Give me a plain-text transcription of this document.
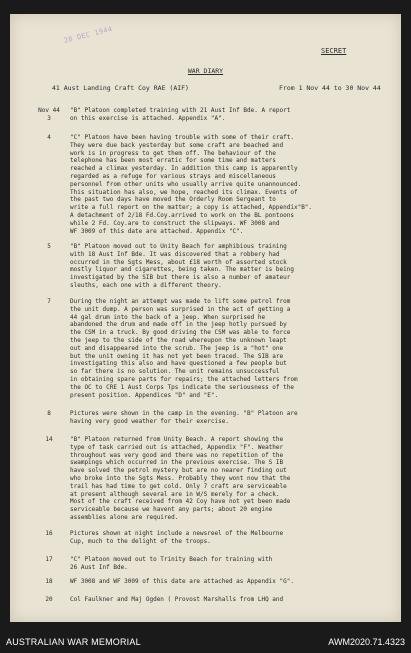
28 DEC 1944
SECRET
WAR DIARY
41 Aust Landing Craft Coy RAE (AIF)	From 1 Nov 44 to 30 Nov 44
Nov 44
3
"B" Platoon completed training with 21 Aust Inf Bde. A report
on this exercise is attached. Appendix "A".
4	"C" Platoon have been having trouble with some of their craft.
They were due back yesterday but some craft are beached and
work is in progress to get them off. The behaviour of the
telephone has been most erratic for some time and matters
reached a climax yesterday. In addition this camp is apparently
regarded as a refuge for various strays and miscellaneous
personnel from other units who usually arrive quite unannounced.
This situation has also, we hope, reached its climax. Events of
the past two days have moved the Orderly Room Sergeant to
write a full report on the matter; a copy is attached, Appendix"B".
A detachment of 2/18 Fd.Coy.arrived to work on the BL pontoons
while 2 Fd. Coy.are to construct the slipways. WF 3008 and
WF 3009 of this date are attached. Appendix "C".
5	"B" Platoon moved out to Unity Beach for amphibious training
with 18 Aust Inf Bde. It was discovered that a robbery had
occurred in the Sgts Mess, about £18 worth of assorted stock
mostly liquor and cigarettes, being taken. The matter is being
investigated by the SIB but there is also a number of amateur
sleuths, each one with a different theory.
7	During the night an attempt was made to lift some petrol from
the unit dump. A person was surprised in the act of getting a
44 gal drum into the back of a jeep. When surprised he
abandoned the drum and made off in the jeep hotly pursued by
the CSM in a truck. By good driving the CSM was able to force
the jeep to the side of the road whereupon the unknown leapt
out and disappeared into the scrub. The jeep is a "hot" one
but the unit owning it has not yet been traced. The SIB are
investigating this also and have questioned a few people but
so far there is no solution. The unit remains unsuccessful
in obtaining spare parts for repairs; the attached letters from
the OC to CRE 1 Aust Corps Tps indicate the seriousness of the
present position. Appendices "D" and "E".
8	Pictures were shown in the camp in the evening. "B" Platoon are
having very good weather for their exercise.
14	"B" Platoon returned from Unity Beach. A report showing the
type of task carried out is attached, Appendix "F". Weather
throughout was very good and there was no repetition of the
swampings which occurred in the previous exercise. The S IB
have solved the petrol mystery but are no nearer finding out
who broke into the Sgts Mess. Probably they wont now that the
trail has had time to get cold. Only 7 craft are serviceable
at present although several are in W/S merely for a check.
Most of the craft received from 42 Coy have not yet been made
serviceable because we havent any parts; about 20 engine
assemblies alone are required.
16	Pictures shown at night include a newsreel of the Melbourne
Cup, much to the delight of the troops.
17	"C" Platoon moved out to Trinity Beach for training with
26 Aust Inf Bde.
18	WF 3008 and WF 3009 of this date are attached as Appendix "G".
20	Col Faulkner and Maj Ogden ( Provost Marshalls from LHQ and
AUSTRALIAN WAR MEMORIAL	AWM2020.71.4323
